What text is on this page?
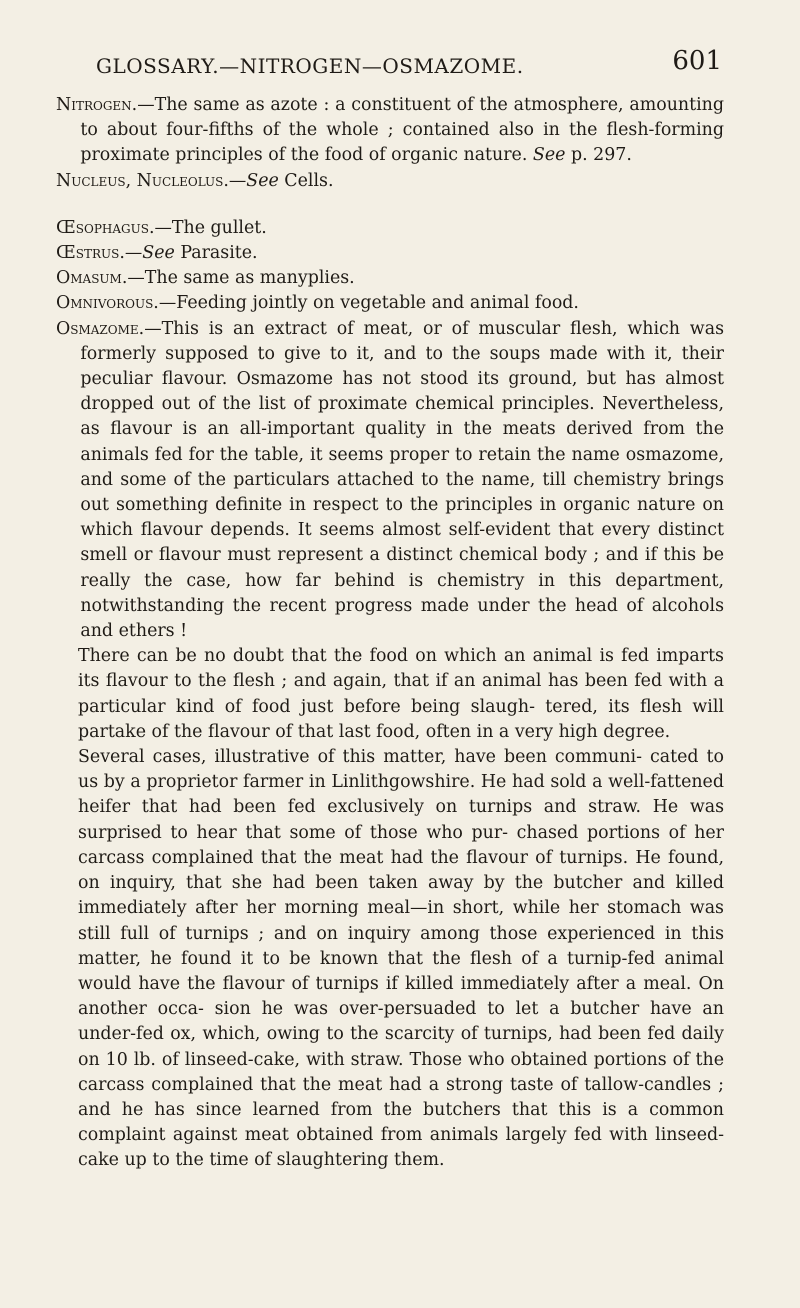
GLOSSARY.—NITROGEN—OSMAZOME.	601

Nitrogen.—The same as azote : a constituent of the atmosphere, amounting to about four-fifths of the whole ; contained also in the flesh-forming proximate principles of the food of organic nature. See p. 297.

Nucleus, Nucleolus.—See Cells.

Œsophagus.—The gullet.

Œstrus.—See Parasite.

Omasum.—The same as manyplies.

Omnivorous.—Feeding jointly on vegetable and animal food.

Osmazome.—This is an extract of meat, or of muscular flesh, which was formerly supposed to give to it, and to the soups made with it, their peculiar flavour. Osmazome has not stood its ground, but has almost dropped out of the list of proximate chemical principles. Nevertheless, as flavour is an all-important quality in the meats derived from the animals fed for the table, it seems proper to retain the name osmazome, and some of the particulars attached to the name, till chemistry brings out something definite in respect to the principles in organic nature on which flavour depends. It seems almost self-evident that every distinct smell or flavour must represent a distinct chemical body ; and if this be really the case, how far behind is chemistry in this department, notwithstanding the recent progress made under the head of alcohols and ethers !

There can be no doubt that the food on which an animal is fed imparts its flavour to the flesh ; and again, that if an animal has been fed with a particular kind of food just before being slaugh- tered, its flesh will partake of the flavour of that last food, often in a very high degree.

Several cases, illustrative of this matter, have been communi- cated to us by a proprietor farmer in Linlithgowshire. He had sold a well-fattened heifer that had been fed exclusively on turnips and straw. He was surprised to hear that some of those who pur- chased portions of her carcass complained that the meat had the flavour of turnips. He found, on inquiry, that she had been taken away by the butcher and killed immediately after her morning meal—in short, while her stomach was still full of turnips ; and on inquiry among those experienced in this matter, he found it to be known that the flesh of a turnip-fed animal would have the flavour of turnips if killed immediately after a meal. On another occa- sion he was over-persuaded to let a butcher have an under-fed ox, which, owing to the scarcity of turnips, had been fed daily on 10 lb. of linseed-cake, with straw. Those who obtained portions of the carcass complained that the meat had a strong taste of tallow-candles ; and he has since learned from the butchers that this is a common complaint against meat obtained from animals largely fed with linseed-cake up to the time of slaughtering them.
